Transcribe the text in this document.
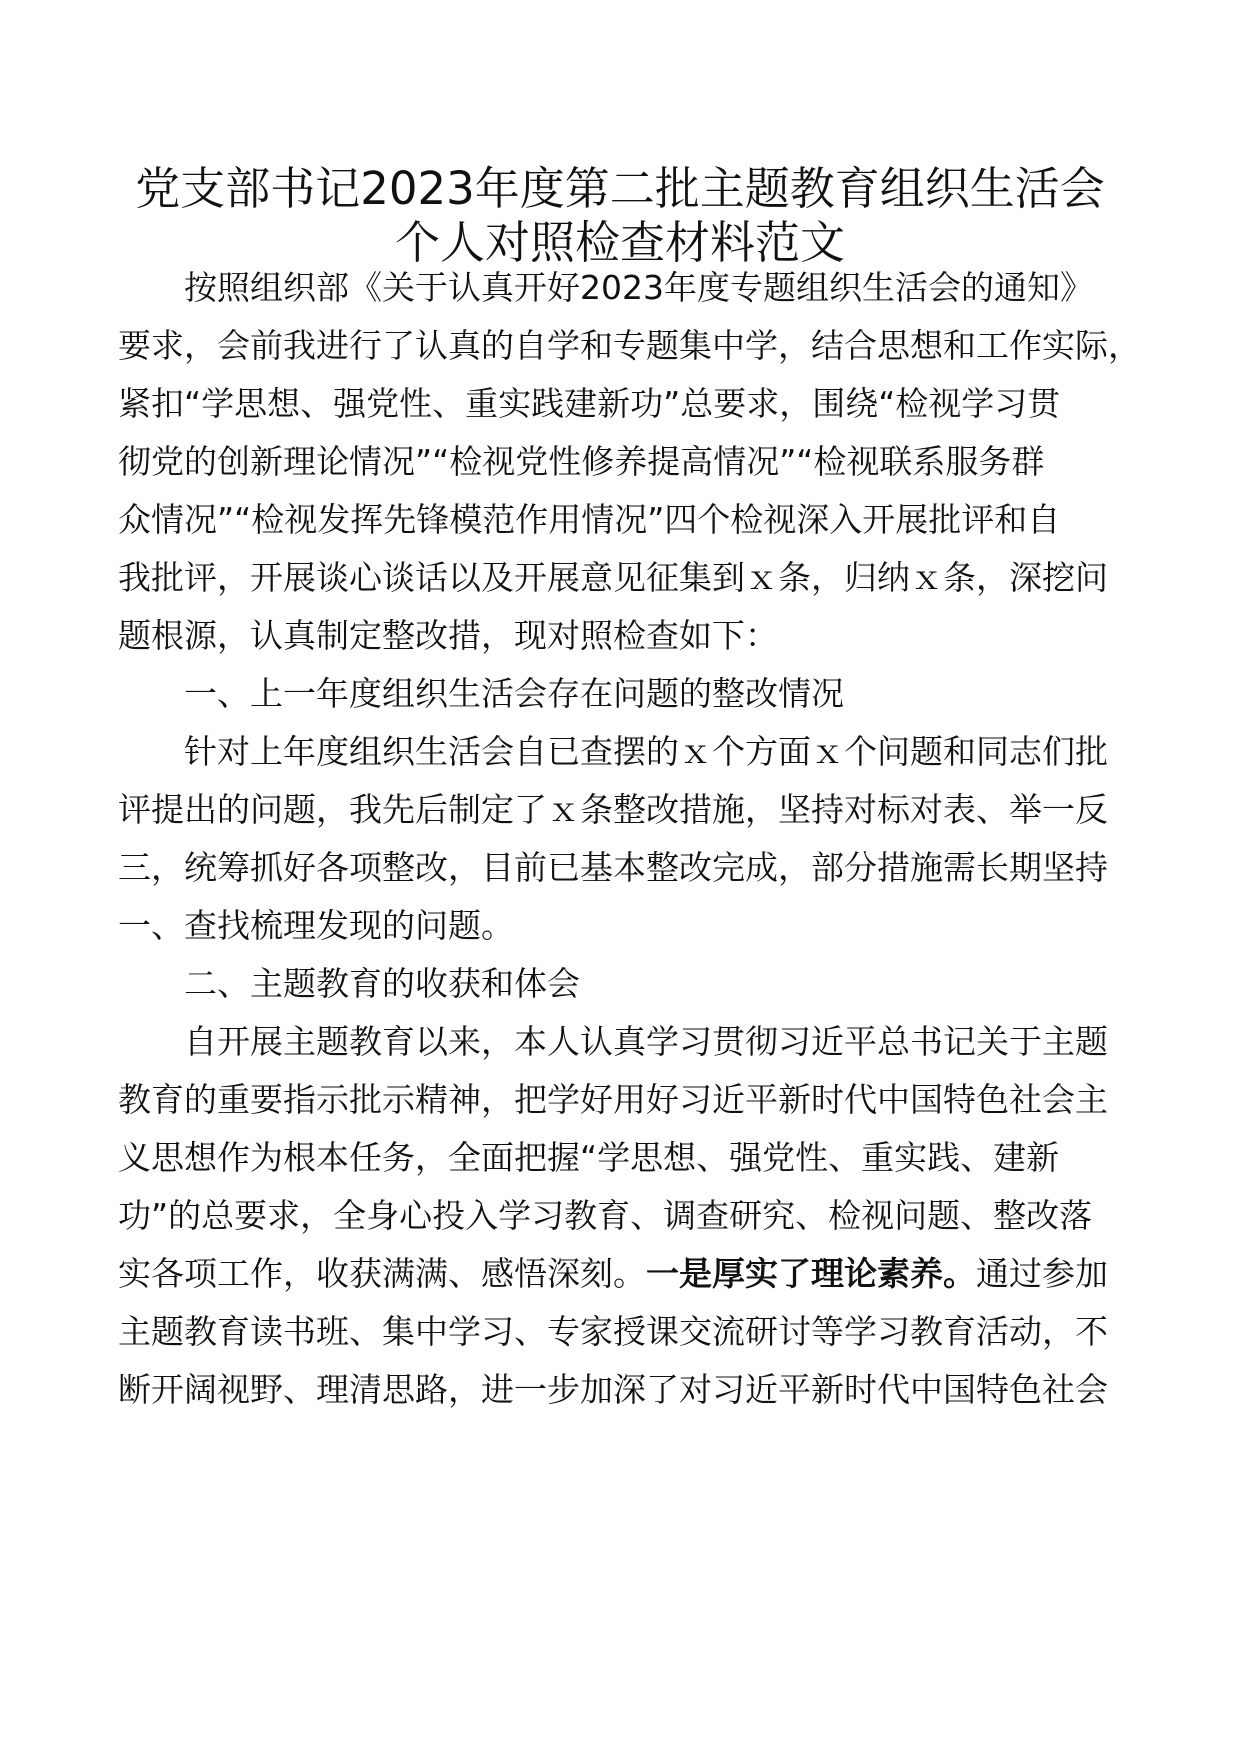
党支部书记2023年度第二批主题教育组织生活会
个人对照检查材料范文
按照组织部《关于认真开好2023年度专题组织生活会的通知》
要求，会前我进行了认真的自学和专题集中学，结合思想和工作实际，
紧扣“学思想、强党性、重实践建新功”总要求，围绕“检视学习贯
彻党的创新理论情况”“检视党性修养提高情况”“检视联系服务群
众情况”“检视发挥先锋模范作用情况”四个检视深入开展批评和自
我批评，开展谈心谈话以及开展意见征集到ｘ条，归纳ｘ条，深挖问
题根源，认真制定整改措，现对照检查如下：
一、上一年度组织生活会存在问题的整改情况
针对上年度组织生活会自已查摆的ｘ个方面ｘ个问题和同志们批
评提出的问题，我先后制定了ｘ条整改措施，坚持对标对表、举一反
三，统筹抓好各项整改，目前已基本整改完成，部分措施需长期坚持
一、查找梳理发现的问题。
二、主题教育的收获和体会
自开展主题教育以来，本人认真学习贯彻习近平总书记关于主题
教育的重要指示批示精神，把学好用好习近平新时代中国特色社会主
义思想作为根本任务，全面把握“学思想、强党性、重实践、建新
功”的总要求，全身心投入学习教育、调查研究、检视问题、整改落
实各项工作，收获满满、感悟深刻。一是厚实了理论素养。通过参加
主题教育读书班、集中学习、专家授课交流研讨等学习教育活动，不
断开阔视野、理清思路，进一步加深了对习近平新时代中国特色社会
